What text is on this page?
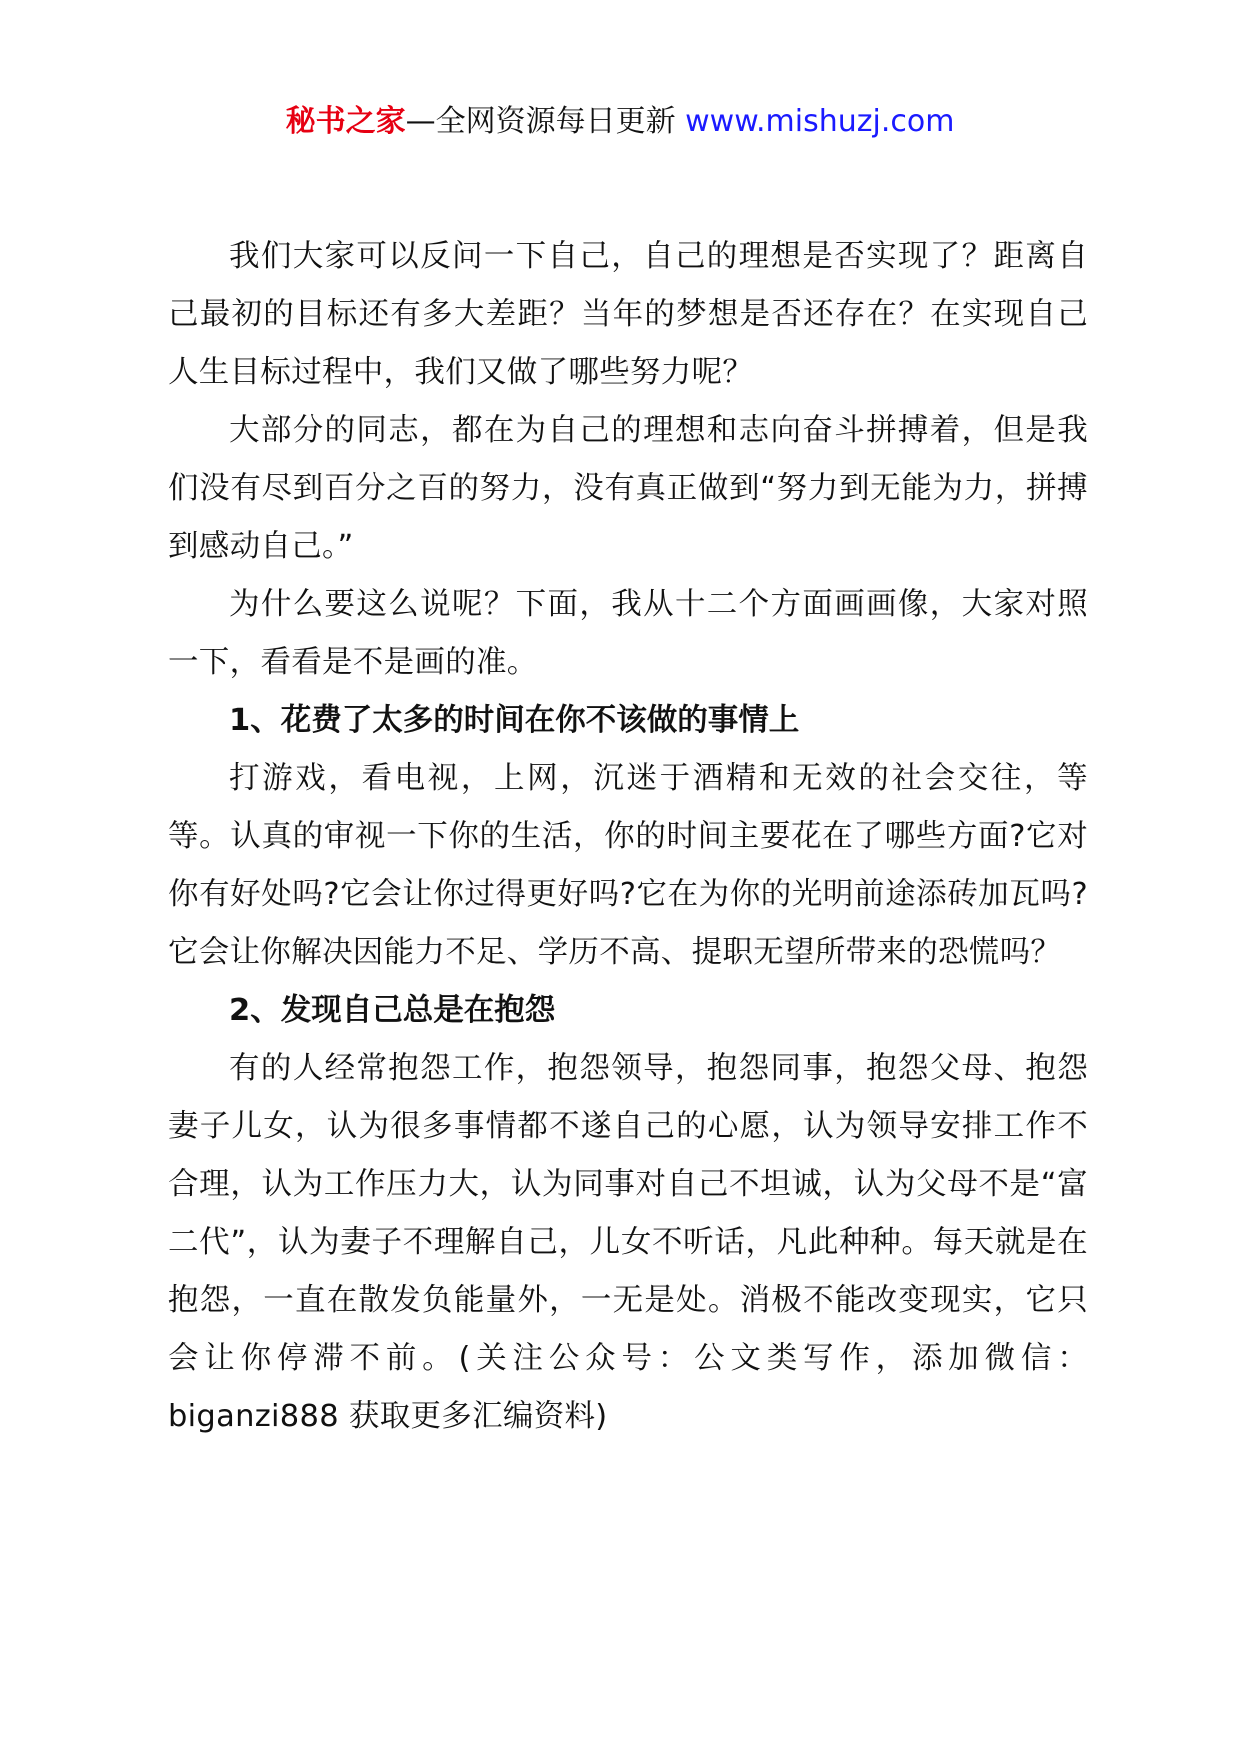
秘书之家—全网资源每日更新 www.mishuzj.com

我们大家可以反问一下自己，自己的理想是否实现了？距离自己最初的目标还有多大差距？当年的梦想是否还存在？在实现自己人生目标过程中，我们又做了哪些努力呢？

大部分的同志，都在为自己的理想和志向奋斗拼搏着，但是我们没有尽到百分之百的努力，没有真正做到“努力到无能为力，拼搏到感动自己。”

为什么要这么说呢？下面，我从十二个方面画画像，大家对照一下，看看是不是画的准。

1、花费了太多的时间在你不该做的事情上

打游戏，看电视，上网，沉迷于酒精和无效的社会交往，等等。认真的审视一下你的生活，你的时间主要花在了哪些方面?它对你有好处吗?它会让你过得更好吗?它在为你的光明前途添砖加瓦吗?它会让你解决因能力不足、学历不高、提职无望所带来的恐慌吗？

2、发现自己总是在抱怨

有的人经常抱怨工作，抱怨领导，抱怨同事，抱怨父母、抱怨妻子儿女，认为很多事情都不遂自己的心愿，认为领导安排工作不合理，认为工作压力大，认为同事对自己不坦诚，认为父母不是“富二代”，认为妻子不理解自己，儿女不听话，凡此种种。每天就是在抱怨，一直在散发负能量外，一无是处。消极不能改变现实，它只会让你停滞不前。(关注公众号：公文类写作，添加微信：biganzi888 获取更多汇编资料)
